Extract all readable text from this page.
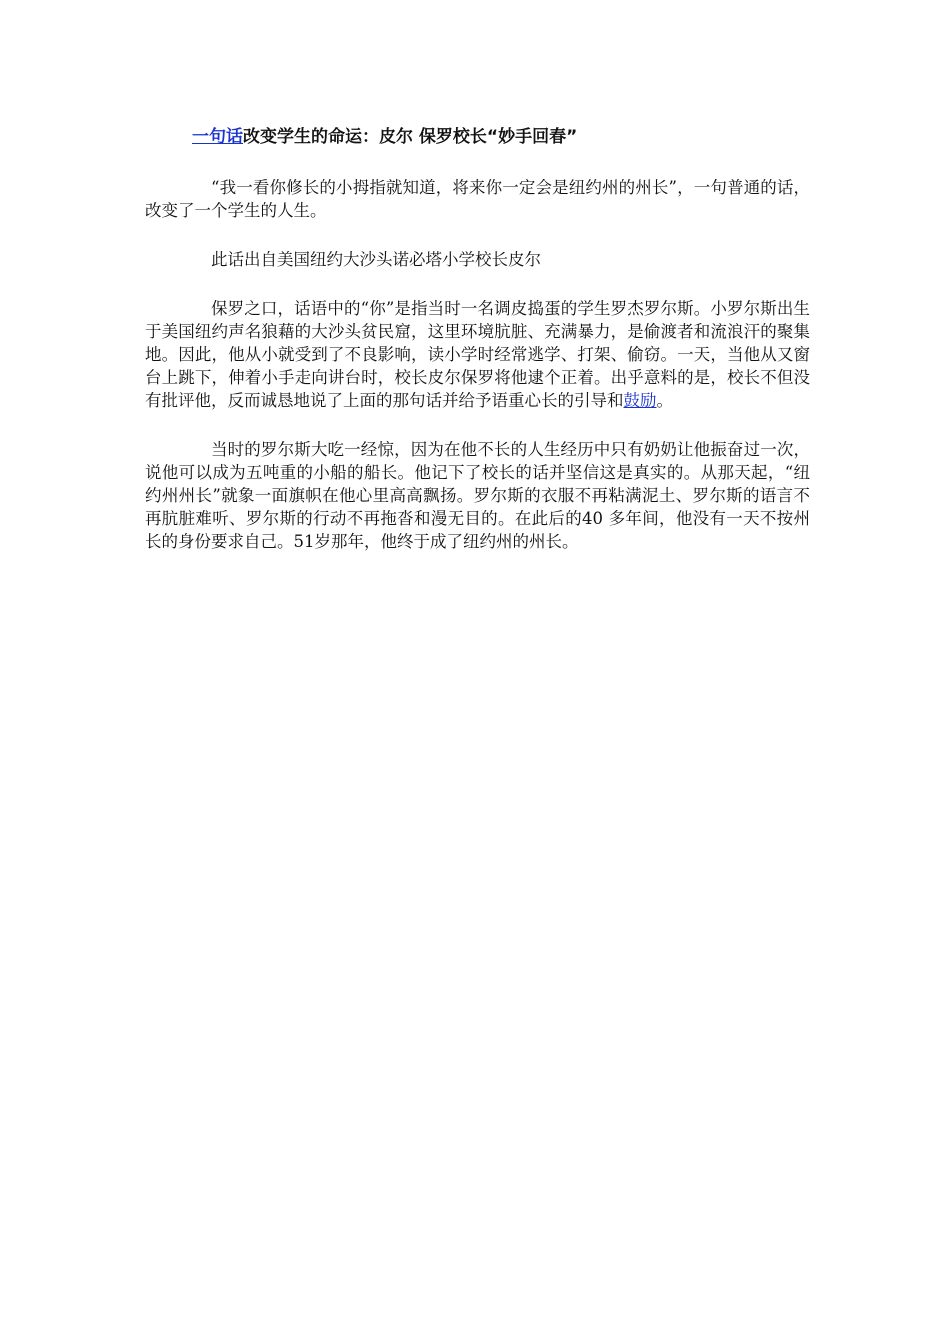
一句话改变学生的命运：皮尔 保罗校长“妙手回春”

“我一看你修长的小拇指就知道，将来你一定会是纽约州的州长”，一句普通的话，改变了一个学生的人生。

此话出自美国纽约大沙头诺必塔小学校长皮尔

保罗之口，话语中的“你”是指当时一名调皮捣蛋的学生罗杰罗尔斯。小罗尔斯出生于美国纽约声名狼藉的大沙头贫民窟，这里环境肮脏、充满暴力，是偷渡者和流浪汗的聚集地。因此，他从小就受到了不良影响，读小学时经常逃学、打架、偷窃。一天，当他从又窗台上跳下，伸着小手走向讲台时，校长皮尔保罗将他逮个正着。出乎意料的是，校长不但没有批评他，反而诚恳地说了上面的那句话并给予语重心长的引导和鼓励。

当时的罗尔斯大吃一经惊，因为在他不长的人生经历中只有奶奶让他振奋过一次，说他可以成为五吨重的小船的船长。他记下了校长的话并坚信这是真实的。从那天起，“纽约州州长”就象一面旗帜在他心里高高飘扬。罗尔斯的衣服不再粘满泥土、罗尔斯的语言不再肮脏难听、罗尔斯的行动不再拖沓和漫无目的。在此后的40 多年间，他没有一天不按州长的身份要求自己。51岁那年，他终于成了纽约州的州长。
